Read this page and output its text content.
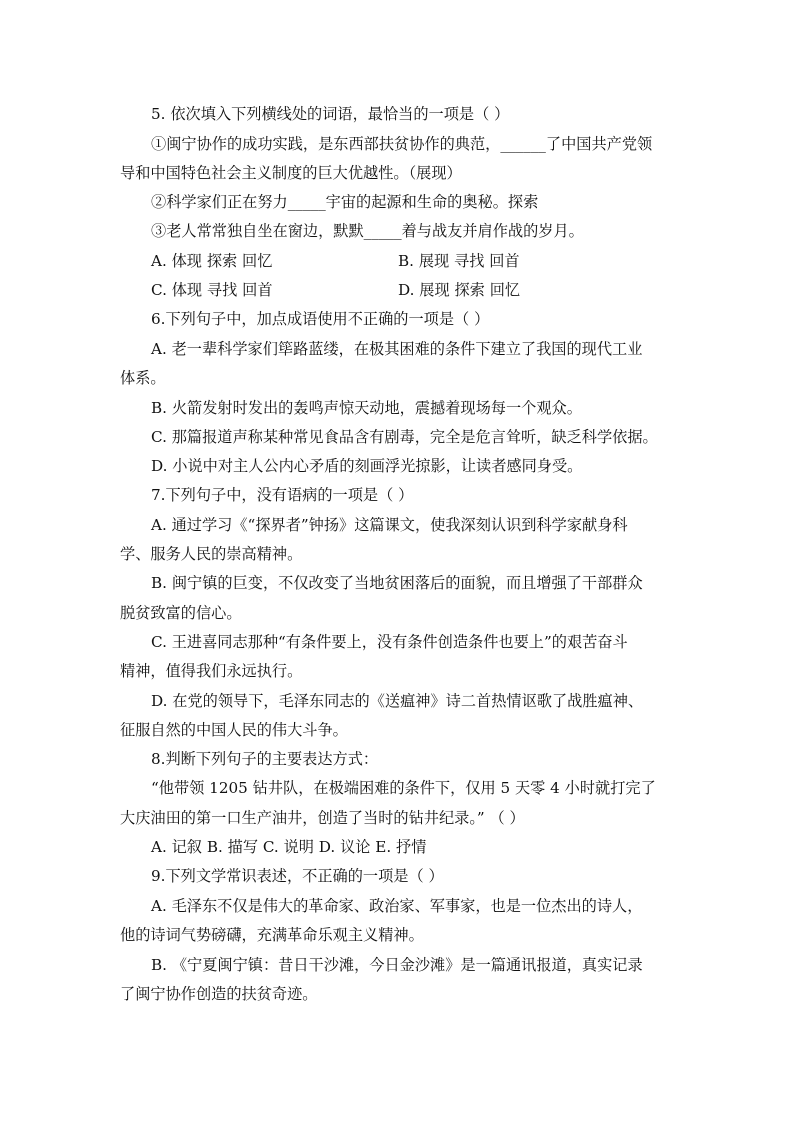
5. 依次填入下列横线处的词语，最恰当的一项是（ ）
①闽宁协作的成功实践，是东西部扶贫协作的典范，______了中国共产党领
导和中国特色社会主义制度的巨大优越性。（展现）
②科学家们正在努力_____宇宙的起源和生命的奥秘。探索
③老人常常独自坐在窗边，默默_____着与战友并肩作战的岁月。
A. 体现 探索 回忆	B. 展现 寻找 回首
C. 体现 寻找 回首	D. 展现 探索 回忆
6.下列句子中，加点成语使用不正确的一项是（ ）
A. 老一辈科学家们筚路蓝缕，在极其困难的条件下建立了我国的现代工业
体系。
B. 火箭发射时发出的轰鸣声惊天动地，震撼着现场每一个观众。
C. 那篇报道声称某种常见食品含有剧毒，完全是危言耸听，缺乏科学依据。
D. 小说中对主人公内心矛盾的刻画浮光掠影，让读者感同身受。
7.下列句子中，没有语病的一项是（ ）
A. 通过学习《“探界者”钟扬》这篇课文，使我深刻认识到科学家献身科
学、服务人民的崇高精神。
B. 闽宁镇的巨变，不仅改变了当地贫困落后的面貌，而且增强了干部群众
脱贫致富的信心。
C. 王进喜同志那种“有条件要上，没有条件创造条件也要上”的艰苦奋斗
精神，值得我们永远执行。
D. 在党的领导下，毛泽东同志的《送瘟神》诗二首热情讴歌了战胜瘟神、
征服自然的中国人民的伟大斗争。
8.判断下列句子的主要表达方式：
“他带领 1205 钻井队，在极端困难的条件下，仅用 5 天零 4 小时就打完了
大庆油田的第一口生产油井，创造了当时的钻井纪录。” （ ）
A. 记叙 B. 描写 C. 说明 D. 议论 E. 抒情
9.下列文学常识表述，不正确的一项是（ ）
A. 毛泽东不仅是伟大的革命家、政治家、军事家，也是一位杰出的诗人，
他的诗词气势磅礴，充满革命乐观主义精神。
B. 《宁夏闽宁镇：昔日干沙滩，今日金沙滩》是一篇通讯报道，真实记录
了闽宁协作创造的扶贫奇迹。
